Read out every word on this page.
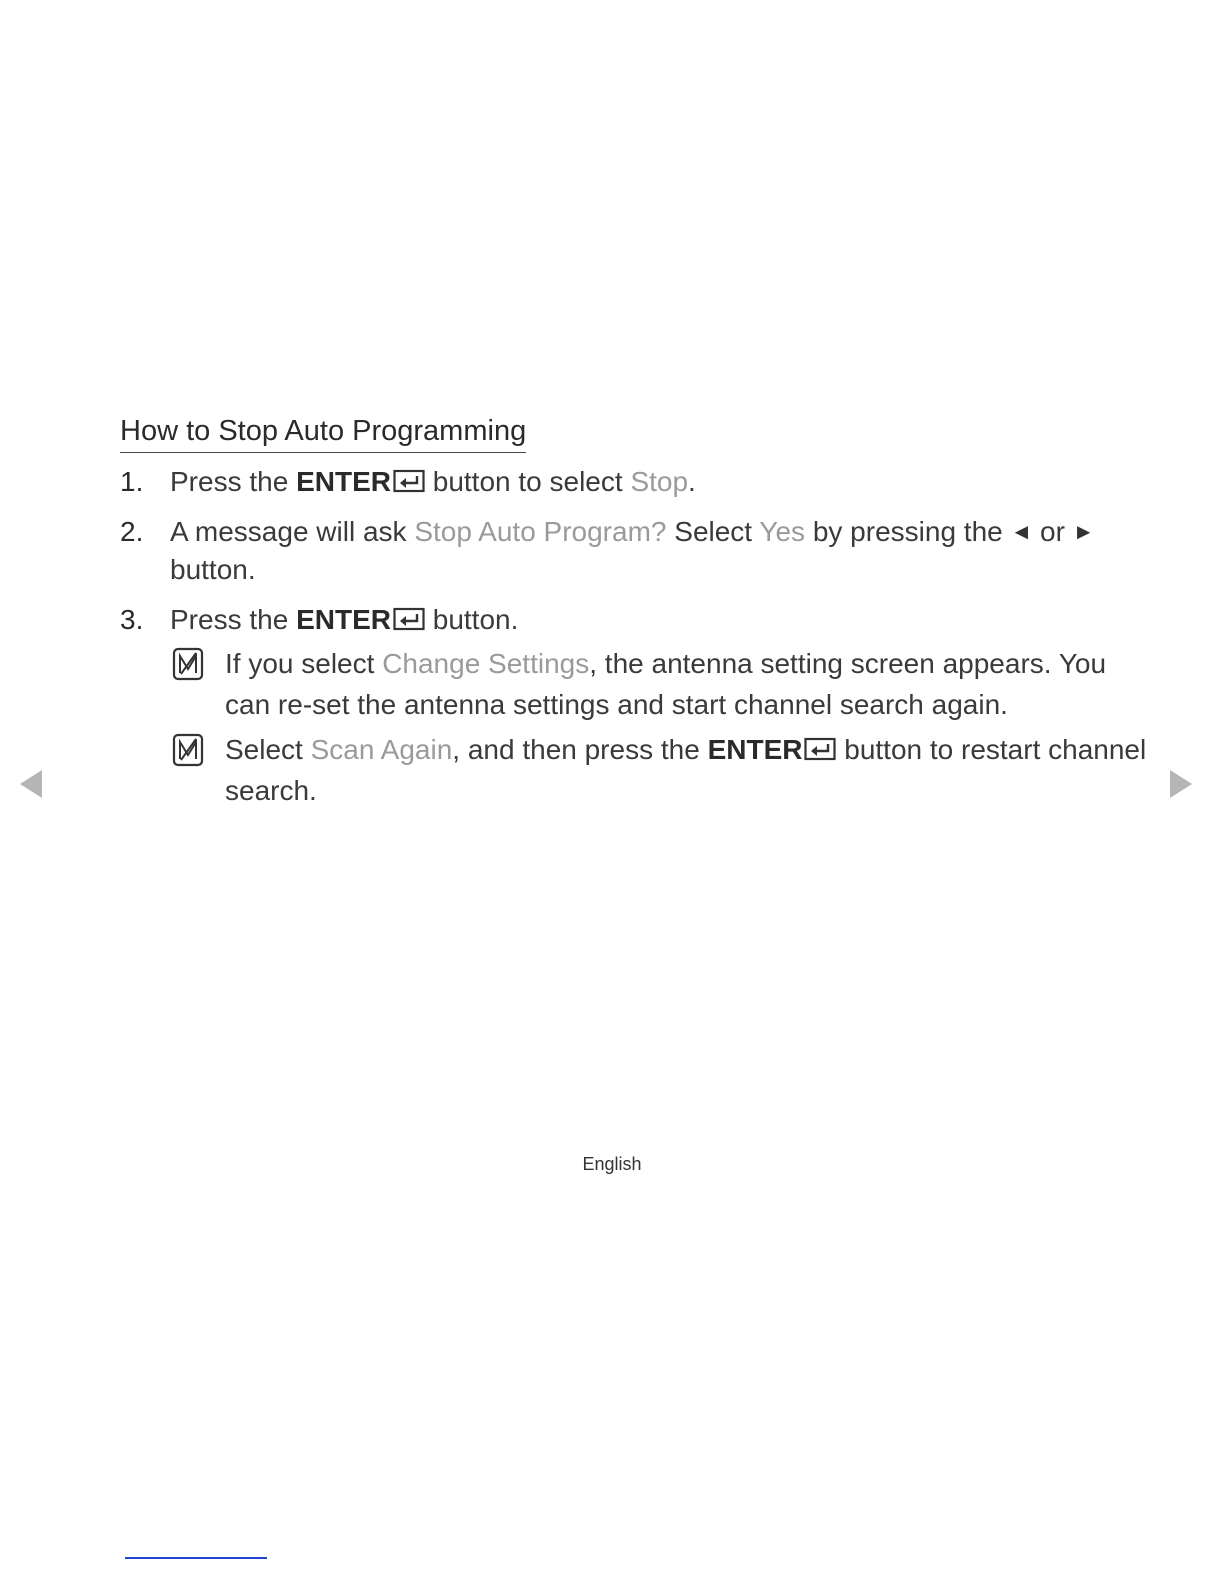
How to Stop Auto Programming
1. Press the ENTER button to select Stop.
2. A message will ask Stop Auto Program? Select Yes by pressing the ◄ or ► button.
3. Press the ENTER button.
If you select Change Settings, the antenna setting screen appears. You can re-set the antenna settings and start channel search again.
Select Scan Again, and then press the ENTER button to restart channel search.
English
